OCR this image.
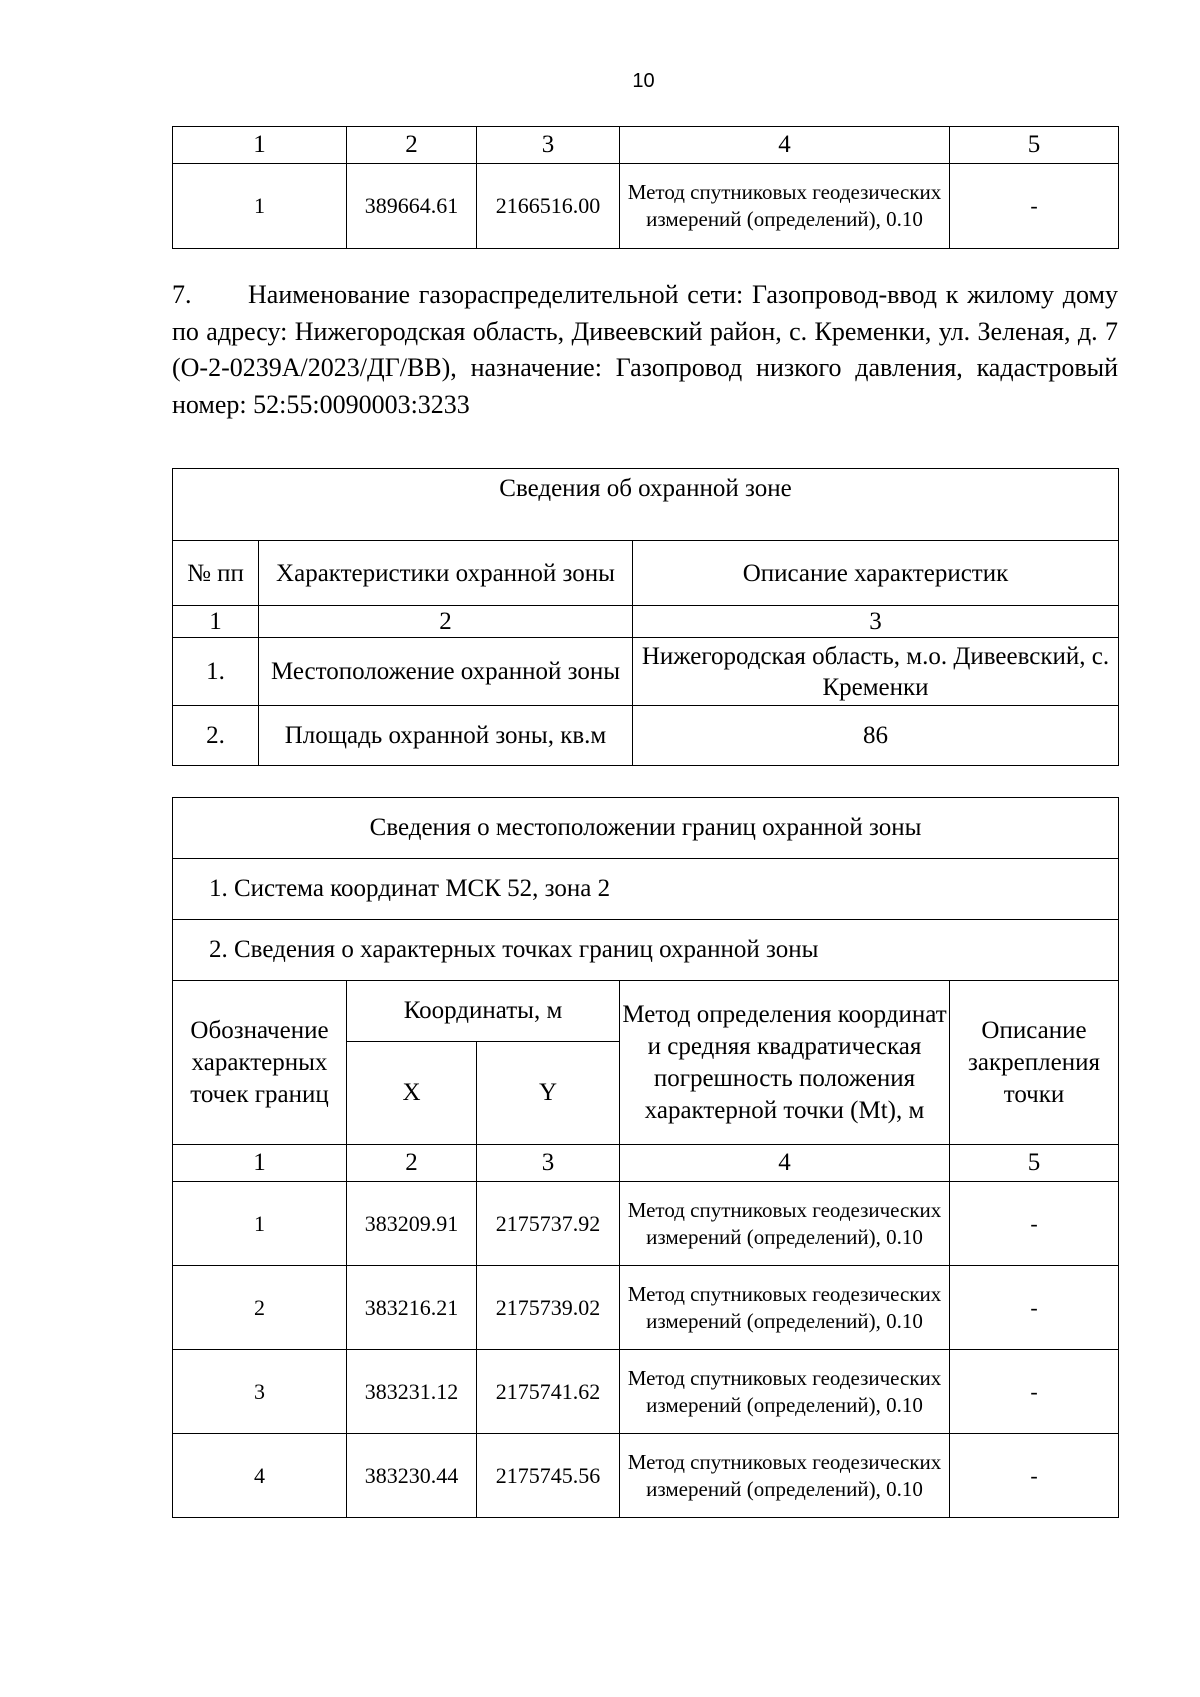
10
1	2	3	4	5
1	389664.61	2166516.00	Метод спутниковых геодезических измерений (определений), 0.10	-
7. Наименование газораспределительной сети: Газопровод-ввод к жилому дому по адресу: Нижегородская область, Дивеевский район, с. Кременки, ул. Зеленая, д. 7 (О-2-0239А/2023/ДГ/ВВ), назначение: Газопровод низкого давления, кадастровый номер: 52:55:0090003:3233
Сведения об охранной зоне		
№ пп	Характеристики охранной зоны	Описание характеристик
1	2	3
1.	Местоположение охранной зоны	Нижегородская область, м.о. Дивеевский, с. Кременки
2.	Площадь охранной зоны, кв.м	86
Сведения о местоположении границ охранной зоны				
1. Система координат МСК 52, зона 2				
2. Сведения о характерных точках границ охранной зоны				
Обозначение характерных точек границ	Координаты, м		Метод определения координат и средняя квадратическая погрешность положения характерной точки (Mt), м	Описание закрепления точки
	X	Y		
1	2	3	4	5
1	383209.91	2175737.92	Метод спутниковых геодезических измерений (определений), 0.10	-
2	383216.21	2175739.02	Метод спутниковых геодезических измерений (определений), 0.10	-
3	383231.12	2175741.62	Метод спутниковых геодезических измерений (определений), 0.10	-
4	383230.44	2175745.56	Метод спутниковых геодезических измерений (определений), 0.10	-
